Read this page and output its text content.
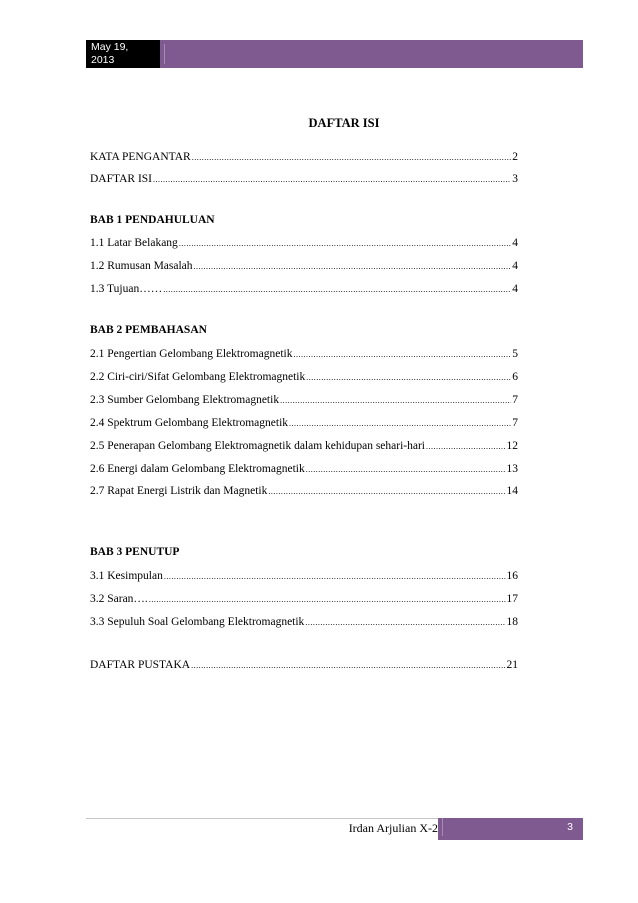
May 19,
2013
DAFTAR ISI
KATA PENGANTAR .....	2
DAFTAR ISI .....	3
BAB 1 PENDAHULUAN
1.1 Latar Belakang .....	4
1.2 Rumusan Masalah .....	4
1.3 Tujuan…… .....	4
BAB 2 PEMBAHASAN
2.1 Pengertian Gelombang Elektromagnetik .....	5
2.2 Ciri-ciri/Sifat Gelombang Elektromagnetik .....	6
2.3 Sumber Gelombang Elektromagnetik .....	7
2.4 Spektrum Gelombang Elektromagnetik .....	7
2.5 Penerapan Gelombang Elektromagnetik dalam kehidupan sehari-hari .....	12
2.6 Energi dalam Gelombang Elektromagnetik .....	13
2.7 Rapat Energi Listrik dan Magnetik .....	14
BAB 3 PENUTUP
3.1 Kesimpulan .....	16
3.2 Saran…. .....	17
3.3 Sepuluh Soal Gelombang Elektromagnetik .....	18
DAFTAR PUSTAKA .....	21
Irdan Arjulian X-2	3
